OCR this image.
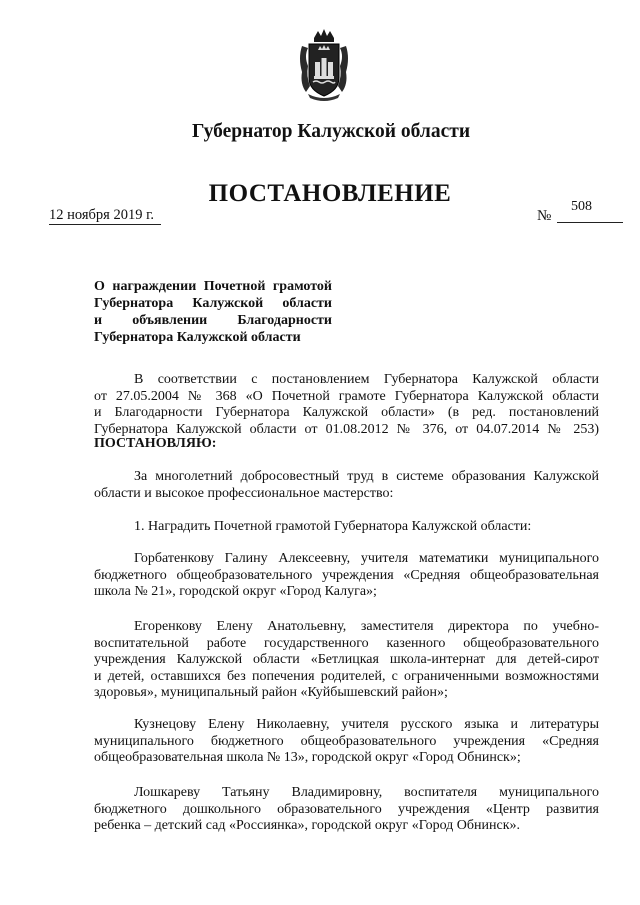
Губернатор Калужской области
ПОСТАНОВЛЕНИЕ
12 ноября 2019 г.	№
508
О награждении Почетной грамотой
Губернатора Калужской области
и объявлении Благодарности
Губернатора Калужской области
В соответствии с постановлением Губернатора Калужской области
от 27.05.2004 № 368 «О Почетной грамоте Губернатора Калужской области
и Благодарности Губернатора Калужской области» (в ред. постановлений
Губернатора Калужской области от 01.08.2012 № 376, от 04.07.2014 № 253)
ПОСТАНОВЛЯЮ:
За многолетний добросовестный труд в системе образования Калужской
области и высокое профессиональное мастерство:
1. Наградить Почетной грамотой Губернатора Калужской области:
Горбатенкову Галину Алексеевну, учителя математики муниципального
бюджетного общеобразовательного учреждения «Средняя общеобразовательная
школа № 21», городской округ «Город Калуга»;
Егоренкову Елену Анатольевну, заместителя директора по учебно-
воспитательной работе государственного казенного общеобразовательного
учреждения Калужской области «Бетлицкая школа-интернат для детей-сирот
и детей, оставшихся без попечения родителей, с ограниченными возможностями
здоровья», муниципальный район «Куйбышевский район»;
Кузнецову Елену Николаевну, учителя русского языка и литературы
муниципального бюджетного общеобразовательного учреждения «Средняя
общеобразовательная школа № 13», городской округ «Город Обнинск»;
Лошкареву Татьяну Владимировну, воспитателя муниципального
бюджетного дошкольного образовательного учреждения «Центр развития
ребенка – детский сад «Россиянка», городской округ «Город Обнинск».
